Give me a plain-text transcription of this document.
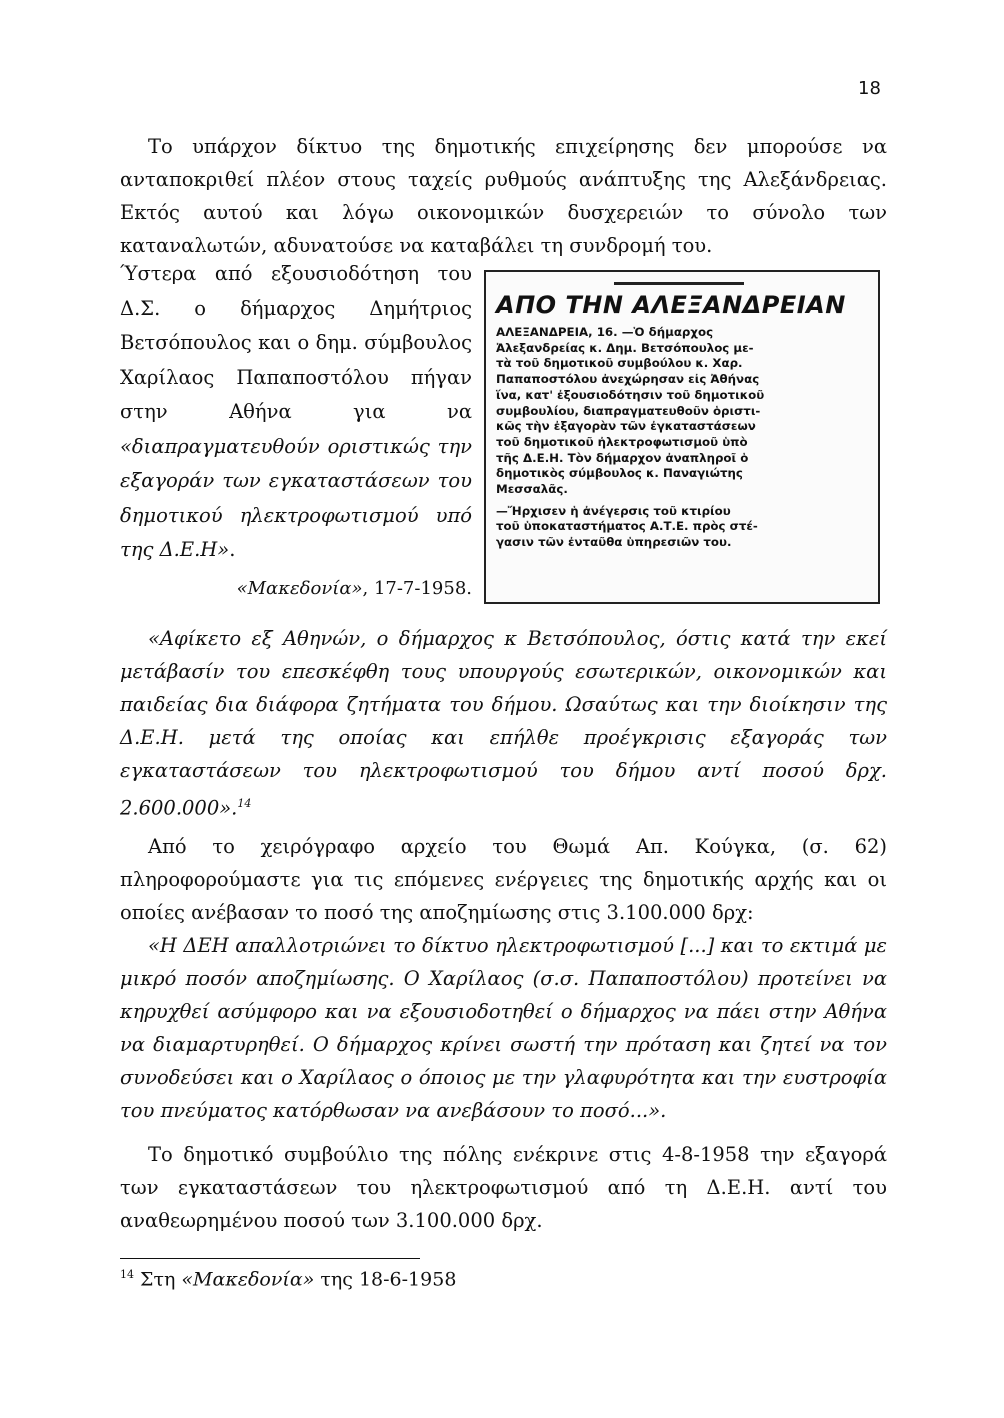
18

Το υπάρχον δίκτυο της δημοτικής επιχείρησης δεν μπορούσε να ανταποκριθεί πλέον στους ταχείς ρυθμούς ανάπτυξης της Αλεξάνδρειας. Εκτός αυτού και λόγω οικονομικών δυσχερειών το σύνολο των καταναλωτών, αδυνατούσε να καταβάλει τη συνδρομή του.

Ύστερα από εξουσιοδότηση του Δ.Σ. ο δήμαρχος Δημήτριος Βετσόπουλος και ο δημ. σύμβουλος Χαρίλαος Παπαποστόλου πήγαν στην Αθήνα για να «διαπραγματευθούν οριστικώς την εξαγοράν των εγκαταστάσεων του δημοτικού ηλεκτροφωτισμού υπό της Δ.Ε.Η».
«Μακεδονία», 17-7-1958.
ΑΠΟ ΤΗΝ ΑΛΕΞΑΝΔΡΕΙΑΝ
ΑΛΕΞΑΝΔΡΕΙΑ, 16. —Ὁ δήμαρχος
Ἀλεξανδρείας κ. Δημ. Βετσόπουλος με-
τὰ τοῦ δημοτικοῦ συμβούλου κ. Χαρ.
Παπαποστόλου ἀνεχώρησαν εἰς Ἀθήνας
ἵνα, κατ' ἐξουσιοδότησιν τοῦ δημοτικοῦ
συμβουλίου, διαπραγματευθοῦν ὁριστι-
κῶς τὴν ἐξαγορὰν τῶν ἐγκαταστάσεων
τοῦ δημοτικοῦ ἠλεκτροφωτισμοῦ ὑπὸ
τῆς Δ.Ε.Η. Τὸν δήμαρχον ἀναπληροῖ ὁ
δημοτικὸς σύμβουλος κ. Παναγιώτης
Μεσσαλᾶς.
—Ἤρχισεν ἡ ἀνέγερσις τοῦ κτιρίου
τοῦ ὑποκαταστήματος Α.Τ.Ε. πρὸς στέ-
γασιν τῶν ἐνταῦθα ὑπηρεσιῶν του.

«Αφίκετο εξ Αθηνών, ο δήμαρχος κ Βετσόπουλος, όστις κατά την εκεί μετάβασίν του επεσκέφθη τους υπουργούς εσωτερικών, οικονομικών και παιδείας δια διάφορα ζητήματα του δήμου. Ωσαύτως και την διοίκησιν της Δ.Ε.Η. μετά της οποίας και επήλθε προέγκρισις εξαγοράς των εγκαταστάσεων του ηλεκτροφωτισμού του δήμου αντί ποσού δρχ. 2.600.000».$^{14}$

Από το χειρόγραφο αρχείο του Θωμά Απ. Κούγκα, (σ. 62) πληροφορούμαστε για τις επόμενες ενέργειες της δημοτικής αρχής και οι οποίες ανέβασαν το ποσό της αποζημίωσης στις 3.100.000 δρχ:

«Η ΔΕΗ απαλλοτριώνει το δίκτυο ηλεκτροφωτισμού [...] και το εκτιμά με μικρό ποσόν αποζημίωσης. Ο Χαρίλαος (σ.σ. Παπαποστόλου) προτείνει να κηρυχθεί ασύμφορο και να εξουσιοδοτηθεί ο δήμαρχος να πάει στην Αθήνα να διαμαρτυρηθεί. Ο δήμαρχος κρίνει σωστή την πρόταση και ζητεί να τον συνοδεύσει και ο Χαρίλαος ο όποιος με την γλαφυρότητα και την ευστροφία του πνεύματος κατόρθωσαν να ανεβάσουν το ποσό...».

Το δημοτικό συμβούλιο της πόλης ενέκρινε στις 4-8-1958 την εξαγορά των εγκαταστάσεων του ηλεκτροφωτισμού από τη Δ.Ε.Η. αντί του αναθεωρημένου ποσού των 3.100.000 δρχ.

$^{14}$ Στη «Μακεδονία» της 18-6-1958
